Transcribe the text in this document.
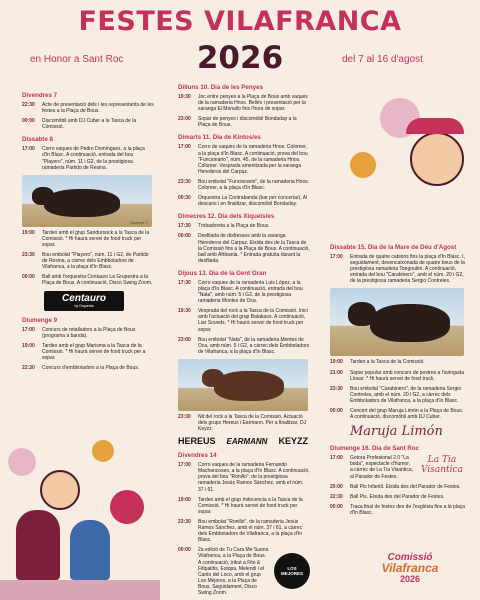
FESTES VILAFRANCA
en Honor a Sant Roc	2026	del 7 al 16 d'agost
Divendres 7
22:30	Acte de presentació dels i les representants de les festes a la Plaça de Bous.
00:00	Discomòbil amb DJ Cuber a la Tasca de la Comissió.
Dissabte 8
17:00	Corro vaques de Pedro Domínguez, a la plaça d'In Blasc. A continuació, entrada del bou "Playero", núm. 11 i G2, de la prestigiosa ramaderia Partido de Resina.
Jhumed T.
19:00	Tardeo amb el grup Sanduroock a la Tasca de la Comissió. * Hi haurà servei de food truck per sopar.
23:30	Bou embolat "Playero", núm. 11 i G2, de Partido de Resina, a càrrec dels Embboladors de Vilafranca, a la plaça d'In Blasc.
00:00	Ball amb l'orquestra Centauro La Grupestra a la Plaça de Bous. A continuació, Disco Swing Zoom.
Centauro
by Orquesta
Diumenge 9
17:00	Concurs de retalladors a la Plaça de Bous (programa a banda).
19:00	Tardeo amb el grup Marisma a la Tasca de la Comissió. * Hi haurà servei de food truck per a sopar.
22:30	Concurs d'embboladors a la Plaça de Bous.
Dilluns 10. Dia de les Penyes
19:30	Joc entre penyes a la Plaça de Bous amb vaques de la ramaderia Hnos. Bellés i presentació per la xaranga El Menallo fins l'hora de sopar.
23:00	Sopar de penyes i discomòbil Bondaday a la Plaça de Bous.
Dimarts 11. Dia de Kintos/es
17:00	Corro de vaques de la ramaderia Hnos. Colomer, a la plaça d'In Blasc. A continuació, prova del bou "Funcionario", núm. 45, de la ramaderia Hnos. Colomer. Vesprada amenitzada per la xaranga Herederos del Carpuz.
23:30	Bou embolat "Funcionario", de la ramaderia Hnos. Colomer, a la plaça d'In Blasc.
00:30	Orquestra La Contrabanda (bar per concertar). Al descans i en finalitzar, discomòbil Bondaday.
Dimecres 12. Dia dels Xiquets/es
17:30	Trobadoreta a la Plaça de Bous.
00:00	Desfilada de disfresses amb la xaranga Herederos del Carpuz. Eixida des de la Tasca de la Comissió fins a la Plaça de Bous. A continuació, ball amb Afrikania. * Entrada gratuïta durant la desfilada.
Dijous 13. Dia de la Gent Gran
17:30	Corro vaques de la ramaderia Luis López, a la plaça d'In Blasc. A continuació, entrada del bou "Nata", amb núm. 5 i G2, de la prestigiosa ramaderia Montes de Oca.
19:30	Vesprada del rock a la Tasca de la Comissió. Inici amb l'actuació del grup Batakaos. A continuació, Liar Sounds. * Hi haurà servei de food truck per sopar.
23:00	Bou embolat "Nata", de la ramaderia Montes de Oca, amb núm. 5 i G2, a càrrec dels Embboladors de Vilafranca, a la plaça d'In Blasc.
23:30	Nit del rock a la Tasca de la Comissió. Actuació dels grups Hereus i Earmann. Per a finalitzar, DJ Keyzz.
HEREUS EARMANN KEYZZ
Divendres 14
17:00	Corro vaques de la ramaderia Fernando Machancoses, a la plaça d'In Blasc. A continuació, prova del bou "Ronillo", de la prestigiosa ramaderia Jesús Ramos Sánchez, amb el núm. 37 i 61.
19:00	Tardeo amb el grup Indocencia a la Tasca de la Comissió. * Hi haurà servei de food truck per sopar.
23:30	Bou embolat "Ronillo", de la ramaderia Jesús Ramos Sánchez, amb el núm. 37 i 61, a càrrec dels Embboladors de Vilafranca, a la plaça d'In Blasc.
00:00	2a edició de Tu Cara Me Suena Vilafranca, a la Plaça de Bous. A continuació, tribut a Fito & Fitipaldis, Estopa, Melendi i el Canto del Loco, amb el grup Los Mejores, a la Plaça de Bous. Seguidament, Disco Swing Zoom.
LOS MEJORES
Dissabte 15. Dia de la Mare de Déu d'Agost
17:00	Entrada de quatre cabions fins la plaça d'In Blasc. I, seguidament, desencaixonada de quatre bous de la prestigiosa ramaderia Tongoulèn. A continuació, entrada del bou "Carabinero", amb el núm. 20 i G2, de la prestigiosa ramaderia Sergio Contreles.
19:00	Tardeo a la Tasca de la Comissió.
21:00	Sopar popular amb concurs de postres a l'avinguda Llosar. * Hi haurà servei de food truck.
23:30	Bou embolat "Carabinero", de la ramaderia Sergio Contreles, amb el núm. 20 i G2, a càrrec dels Embboladors de Vilafranca, a la plaça d'In Blasc.
00:00	Concert del grup Maruja Limón a la Plaça de Bous. A continuació, discomòbil amb DJ Cuber.
Maruja Limón
Diumenge 16. Dia de Sant Roc
17:00	Gotora Profesional 2.0 "La boda", espectacle d'humor, a càrrec de La Tia Visantica, al Parador de Festes.
La Tia Visantica
20:00	Ball Pis Infantil. Eixida des del Parador de Festes.
22:30	Ball Pis. Eixida des del Parador de Festes.
00:00	Traca final de festes des de l'església fins a la plaça d'In Blasc.
Comissió
Vilafranca
2026
